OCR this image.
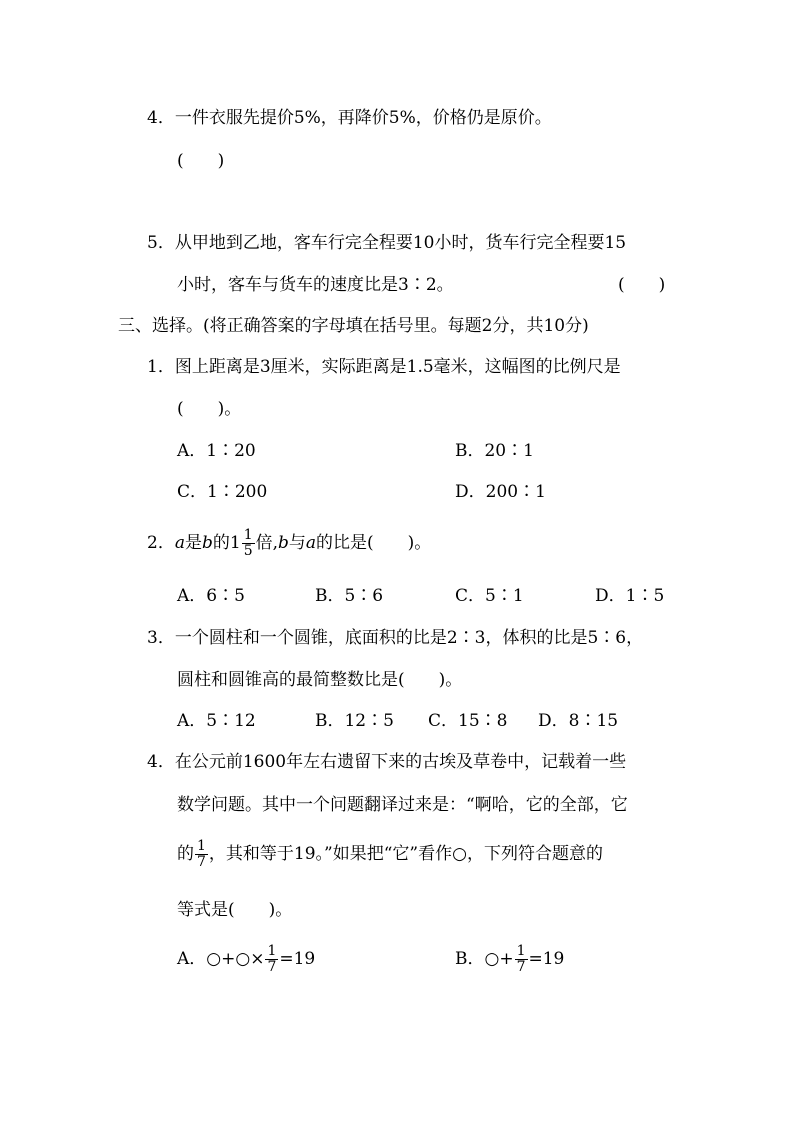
4．一件衣服先提价5%，再降价5%，价格仍是原价。
(　　)
5．从甲地到乙地，客车行完全程要10小时，货车行完全程要15
小时，客车与货车的速度比是3∶2。	(　　)
三、选择。(将正确答案的字母填在括号里。每题2分，共10分)
1．图上距离是3厘米，实际距离是1.5毫米，这幅图的比例尺是
(　　)。
A．1∶20	B．20∶1
C．1∶200	D．200∶1
2．a是b的$1 \frac{1}{5}$ 倍,b与a的比是(　　)。
A．6∶5	B．5∶6	C．5∶1	D．1∶5
3．一个圆柱和一个圆锥，底面积的比是2∶3，体积的比是5∶6，
圆柱和圆锥高的最简整数比是(　　)。
A．5∶12	B．12∶5 C．15∶8 D．8∶15
4．在公元前1600年左右遗留下来的古埃及草卷中，记载着一些
数学问题。其中一个问题翻译过来是：“啊哈，它的全部，它
的 $\frac{1}{7}$ ，其和等于19。”如果把“它”看作○，下列符合题意的
等式是(　　)。
A．○+○× $\frac{1}{7} =19$	B．○+ $\frac{1}{7} =19$
